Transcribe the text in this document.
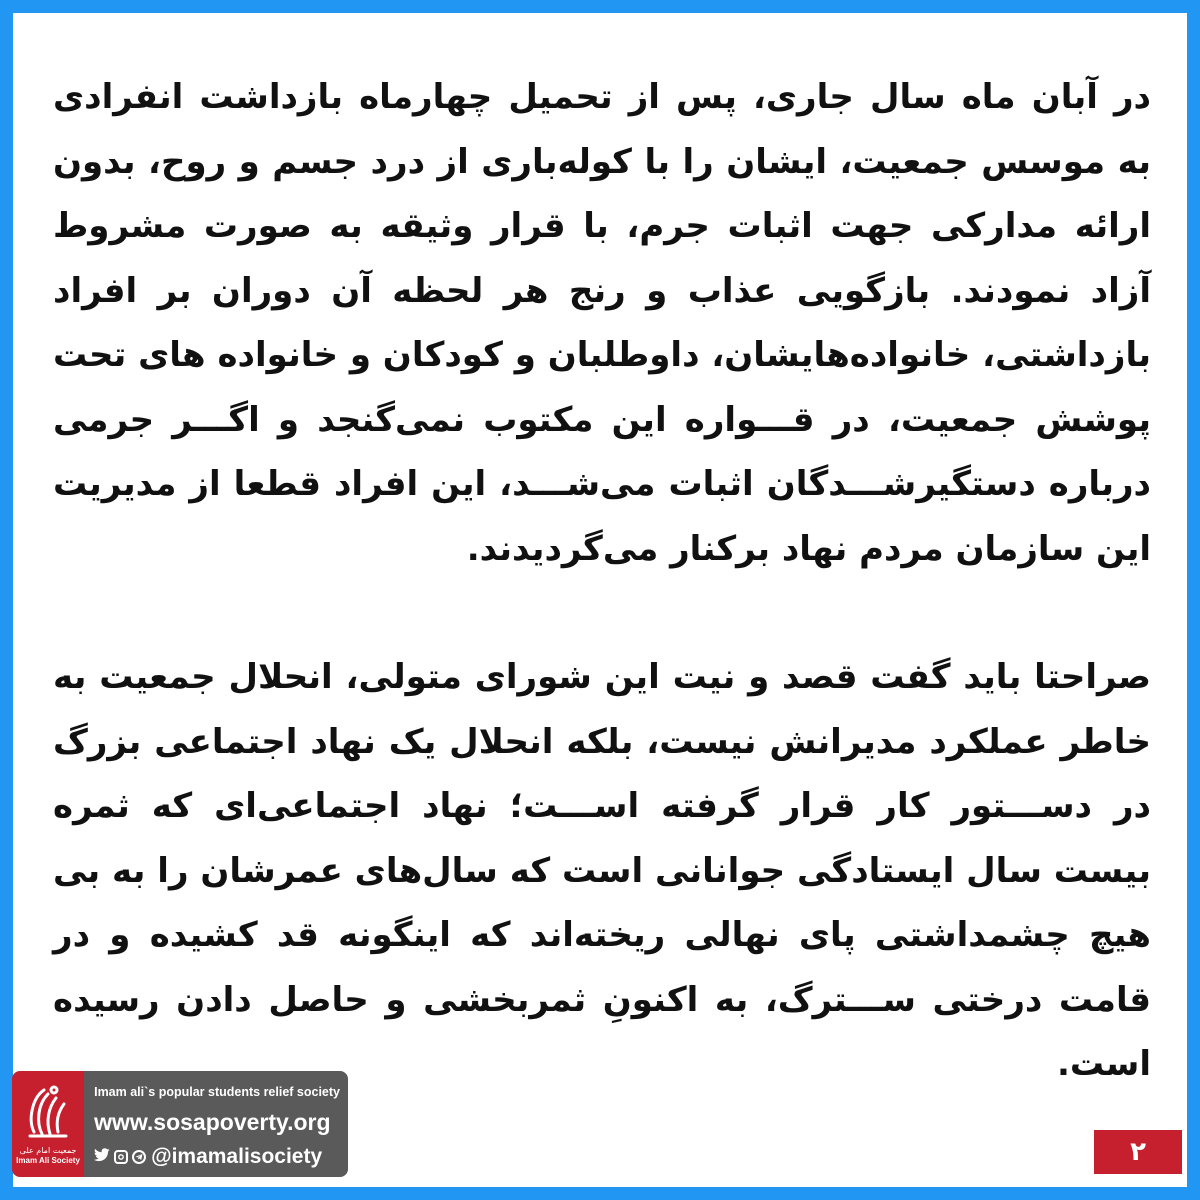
در آبان ماه سال جاری، پس از تحمیل چهارماه بازداشت انفرادی به موسس جمعیت، ایشان را با کوله‌باری از درد جسم و روح، بدون ارائه مدارکی جهت اثبات جرم، با قرار وثیقه به صورت مشروط آزاد نمودند. بازگویی عذاب و رنج هر لحظه آن دوران بر افراد بازداشتی، خانواده‌هایشان، داوطلبان و کودکان و خانواده های تحت پوشش جمعیت، در قـــواره این مکتوب نمی‌گنجد و اگـــر جرمی درباره دستگیرشـــدگان اثبات می‌شـــد، این افراد قطعا از مدیریت این سازمان مردم نهاد برکنار می‌گردیدند.

صراحتا باید گفت قصد و نیت این شورای متولی، انحلال جمعیت به خاطر عملکرد مدیرانش نیست، بلکه انحلال یک نهاد اجتماعی بزرگ در دســـتور کار قرار گرفته اســـت؛ نهاد اجتماعی‌ای که ثمره بیست سال ایستادگی جوانانی است که سال‌های عمرشان را به بی هیچ چشمداشتی پای نهالی ریخته‌اند که اینگونه قد کشیده و در قامت درختی ســـترگ، به اکنونِ ثمربخشی و حاصل دادن رسیده است.

جمعیت امام علی
Imam Ali Society
Imam ali`s popular students relief society
www.sosapoverty.org
@imamalisociety	۲
